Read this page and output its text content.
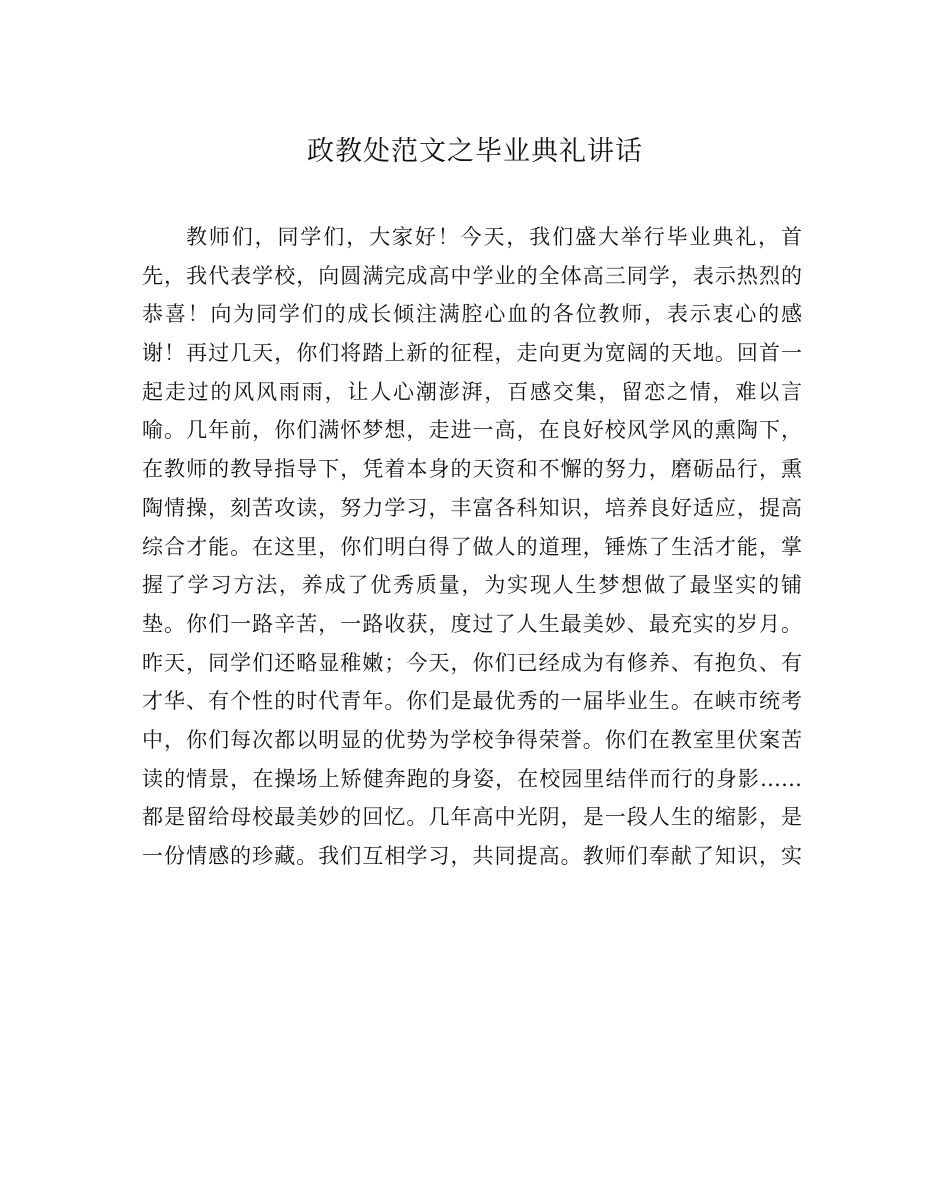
政教处范文之毕业典礼讲话
教师们，同学们，大家好！今天，我们盛大举行毕业典礼，首
先，我代表学校，向圆满完成高中学业的全体高三同学，表示热烈的
恭喜！向为同学们的成长倾注满腔心血的各位教师，表示衷心的感
谢！再过几天，你们将踏上新的征程，走向更为宽阔的天地。回首一
起走过的风风雨雨，让人心潮澎湃，百感交集，留恋之情，难以言
喻。几年前，你们满怀梦想，走进一高，在良好校风学风的熏陶下，
在教师的教导指导下，凭着本身的天资和不懈的努力，磨砺品行，熏
陶情操，刻苦攻读，努力学习，丰富各科知识，培养良好适应，提高
综合才能。在这里，你们明白得了做人的道理，锤炼了生活才能，掌
握了学习方法，养成了优秀质量，为实现人生梦想做了最坚实的铺
垫。你们一路辛苦，一路收获，度过了人生最美妙、最充实的岁月。
昨天，同学们还略显稚嫩；今天，你们已经成为有修养、有抱负、有
才华、有个性的时代青年。你们是最优秀的一届毕业生。在峡市统考
中，你们每次都以明显的优势为学校争得荣誉。你们在教室里伏案苦
读的情景，在操场上矫健奔跑的身姿，在校园里结伴而行的身影……
都是留给母校最美妙的回忆。几年高中光阴，是一段人生的缩影，是
一份情感的珍藏。我们互相学习，共同提高。教师们奉献了知识，实
